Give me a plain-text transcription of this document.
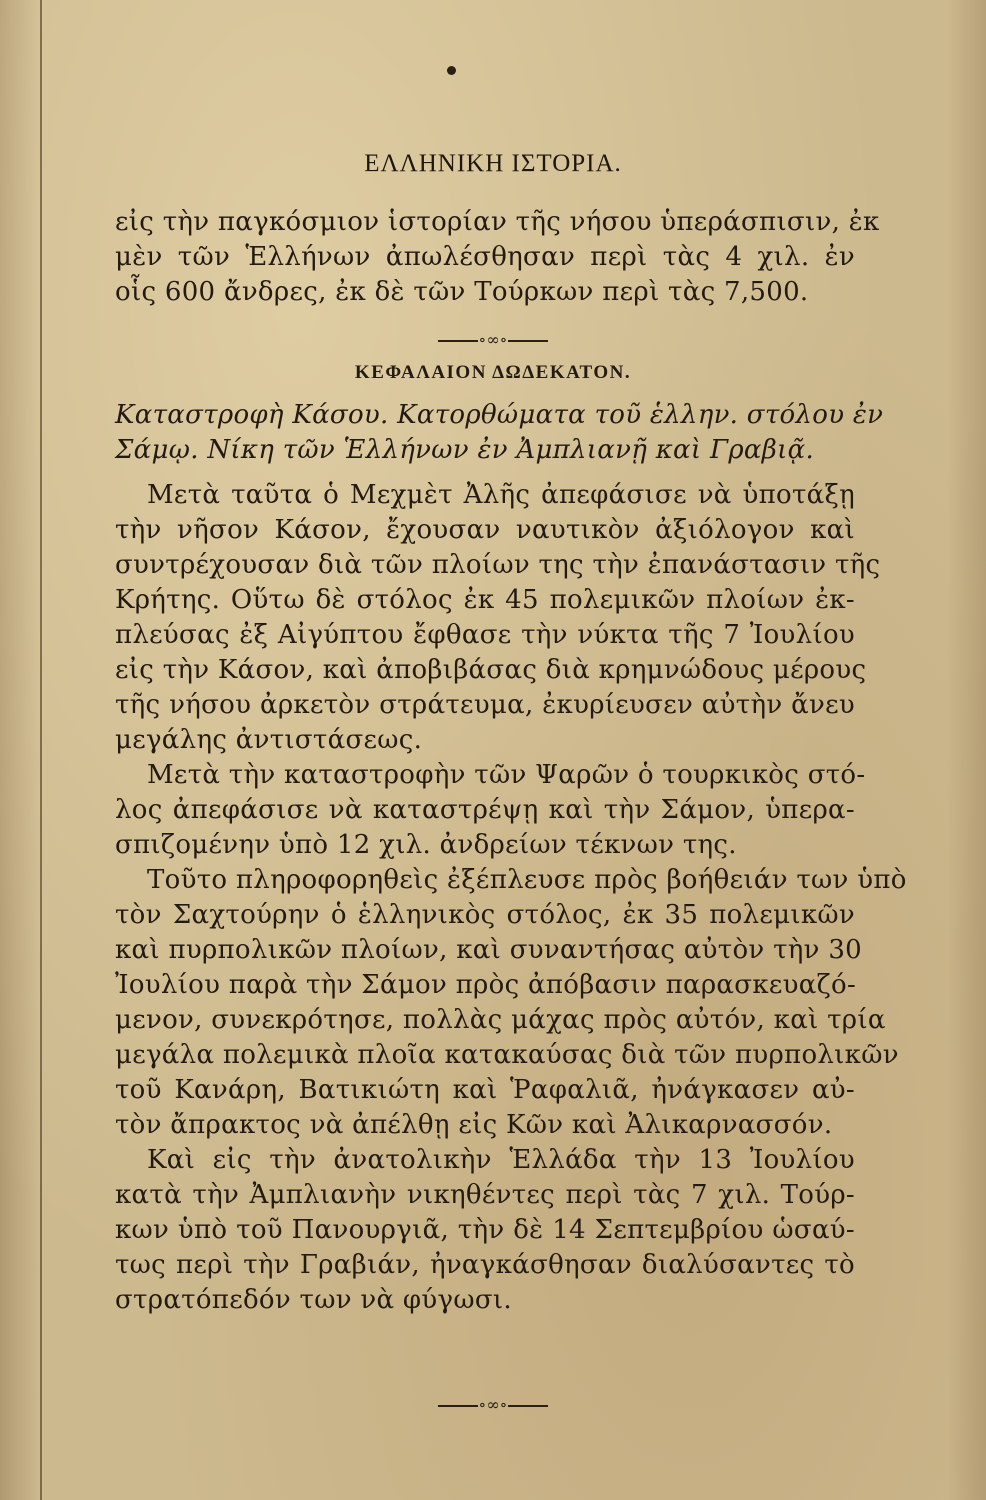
ΕΛΛΗΝΙΚΗ ΙΣΤΟΡΙΑ.
εἰς τὴν παγκόσμιον ἱστορίαν τῆς νήσου ὑπεράσπισιν, ἐκ
μὲν τῶν Ἑλλήνων ἀπωλέσθησαν περὶ τὰς 4 χιλ. ἐν
οἷς 600 ἄνδρες, ἐκ δὲ τῶν Τούρκων περὶ τὰς 7,500.
∘∞∘
ΚΕΦΑΛΑΙΟΝ ΔΩΔΕΚΑΤΟΝ.
Καταστροφὴ Κάσου. Κατορθώματα τοῦ ἑλλην. στόλου ἐν
Σάμῳ. Νίκη τῶν Ἑλλήνων ἐν Ἀμπλιανῇ καὶ Γραβιᾷ.
Μετὰ ταῦτα ὁ Μεχμὲτ Ἀλῆς ἀπεφάσισε νὰ ὑποτάξῃ
τὴν νῆσον Κάσον, ἔχουσαν ναυτικὸν ἀξιόλογον καὶ
συντρέχουσαν διὰ τῶν πλοίων της τὴν ἐπανάστασιν τῆς
Κρήτης. Οὕτω δὲ στόλος ἐκ 45 πολεμικῶν πλοίων ἐκ-
πλεύσας ἐξ Αἰγύπτου ἔφθασε τὴν νύκτα τῆς 7 Ἰουλίου
εἰς τὴν Κάσον, καὶ ἀποβιβάσας διὰ κρημνώδους μέρους
τῆς νήσου ἀρκετὸν στράτευμα, ἐκυρίευσεν αὐτὴν ἄνευ
μεγάλης ἀντιστάσεως.
Μετὰ τὴν καταστροφὴν τῶν Ψαρῶν ὁ τουρκικὸς στό-
λος ἀπεφάσισε νὰ καταστρέψῃ καὶ τὴν Σάμον, ὑπερα-
σπιζομένην ὑπὸ 12 χιλ. ἀνδρείων τέκνων της.
Τοῦτο πληροφορηθεὶς ἐξέπλευσε πρὸς βοήθειάν των ὑπὸ
τὸν Σαχτούρην ὁ ἑλληνικὸς στόλος, ἐκ 35 πολεμικῶν
καὶ πυρπολικῶν πλοίων, καὶ συναντήσας αὐτὸν τὴν 30
Ἰουλίου παρὰ τὴν Σάμον πρὸς ἀπόβασιν παρασκευαζό-
μενον, συνεκρότησε, πολλὰς μάχας πρὸς αὐτόν, καὶ τρία
μεγάλα πολεμικὰ πλοῖα κατακαύσας διὰ τῶν πυρπολικῶν
τοῦ Κανάρη, Βατικιώτη καὶ Ῥαφαλιᾶ, ἠνάγκασεν αὐ-
τὸν ἄπρακτος νὰ ἀπέλθῃ εἰς Κῶν καὶ Ἀλικαρνασσόν.
Καὶ εἰς τὴν ἀνατολικὴν Ἑλλάδα τὴν 13 Ἰουλίου
κατὰ τὴν Ἀμπλιανὴν νικηθέντες περὶ τὰς 7 χιλ. Τούρ-
κων ὑπὸ τοῦ Πανουργιᾶ, τὴν δὲ 14 Σεπτεμβρίου ὡσαύ-
τως περὶ τὴν Γραβιάν, ἠναγκάσθησαν διαλύσαντες τὸ
στρατόπεδόν των νὰ φύγωσι.
∘∞∘
